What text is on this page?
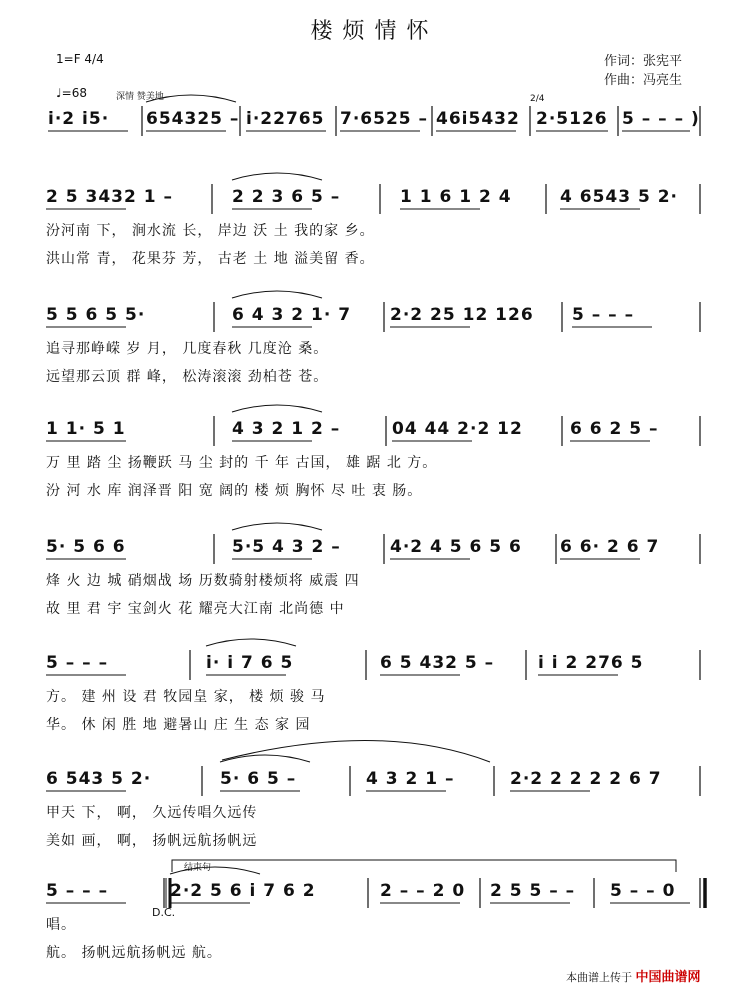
楼烦情怀
作词：张宪平
作曲：冯亮生
1=F 4/4
♩=68	深情 赞美地	2/4
结束句
D.C.
i·2 i5· 654325 – i·22765 7·6525 – 46i5432 2·5126 5 – – – )
2 5 3432 1 –	2 2 3 6 5 –	1 1 6 1 2 4	4 6543 5 2·
汾河南 下， 涧水流 长， 岸边 沃 土 我的家 乡。
洪山常 青， 花果芬 芳， 古老 土 地 溢美留 香。
5 5 6 5 5·	6 4 3 2 1· 7 2·2 25 12 126 5 – – –
追寻那峥嵘 岁 月， 几度春秋 几度沧 桑。
远望那云顶 群 峰， 松涛滚滚 劲柏苍 苍。
1 1· 5 1	4 3 2 1 2 –	04 44 2·2 12	6 6 2 5 –
万 里 踏 尘 扬鞭跃 马 尘 封的 千 年 古国， 雄 踞 北 方。
汾 河 水 库 润泽晋 阳 宽 阔的 楼 烦 胸怀 尽 吐 衷 肠。
5· 5 6 6	5·5 4 3 2 –	4·2 4 5 6 5 6 6 6· 2 6 7
烽 火 边 城 硝烟战 场 历数骑射楼烦将 威震 四
故 里 君 宇 宝剑火 花 耀亮大江南 北尚德 中
5 – – –	i· i 7 6 5	6 5 432 5 –	i i 2 276 5
方。 建 州 设 君 牧园皇 家， 楼 烦 骏 马
华。 休 闲 胜 地 避暑山 庄 生 态 家 园
6 543 5 2·	5· 6 5 –	4 3 2 1 –	2·2 2 2 2 2 6 7
甲天 下， 啊， 久远传唱久远传
美如 画， 啊， 扬帆远航扬帆远
5 – – –	2·2 5 6 i 7 6 2	2 – – 2 0 2 5 5 – – 5 – – 0
唱。
航。 扬帆远航扬帆远 航。
本曲谱上传于 中国曲谱网
